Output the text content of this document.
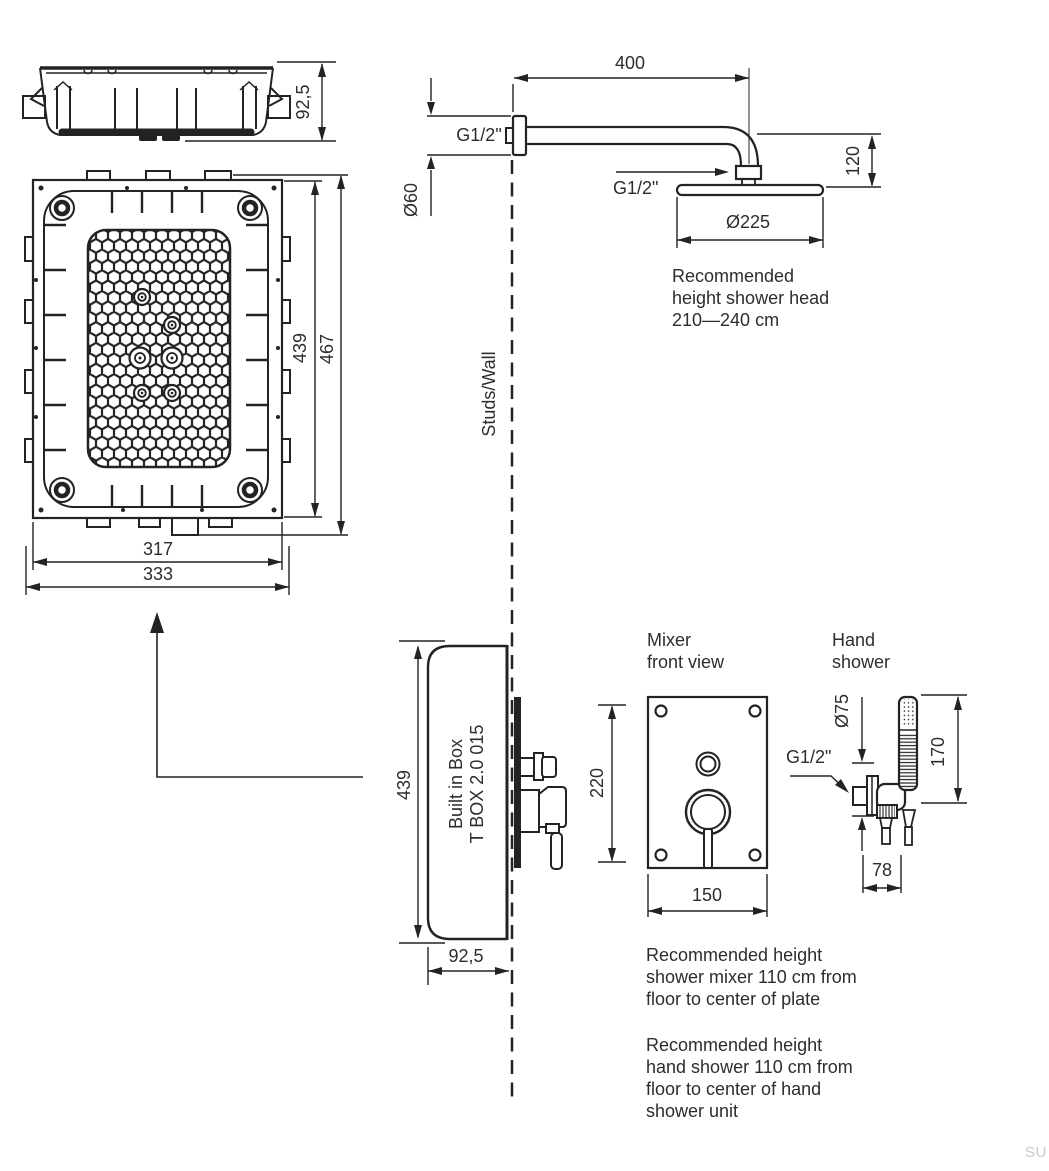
92,5
439 467
317
333
400
G1/2"
Ø60	G1/2"
120
Ø225
Recommended
height shower head
210—240 cm
Studs/Wall
Built in Box T BOX 2.0 015
439
92,5
Mixer
front view
220
150
G1/2"
Hand
shower
Ø75
170
78
Recommended height
shower mixer 110 cm from
floor to center of plate
Recommended height
hand shower 110 cm from
floor to center of hand
shower unit
SU
